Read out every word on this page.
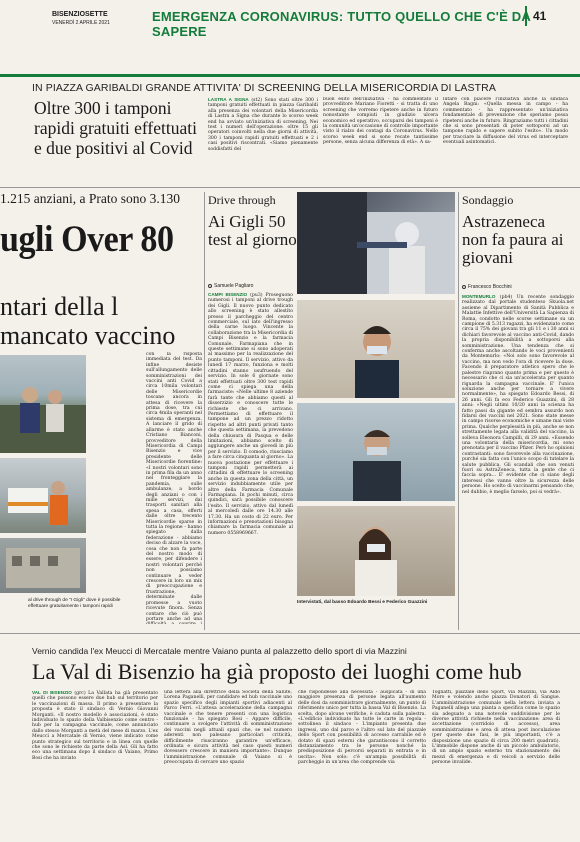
BISENZIOSETTE
VENERDÌ 2 APRILE 2021	EMERGENZA CORONAVIRUS: TUTTO QUELLO CHE C'È DA SAPERE
41
IN PIAZZA GARIBALDI GRANDE ATTIVITA' DI SCREENING DELLA MISERICORDIA DI LASTRA
Oltre 300 i tamponi rapidi gratuiti effettuati e due positivi al Covid
LASTRA A SIGNA (st2) Sono stati oltre 300 i tamponi gratuiti effettuati in piazza Garibaldi alla presenza dei volontari della Misericordia di Lastra a Signa che durante lo scorso week end ha avviato un'iniziativa di screening. Nei test i numeri dell'operazione: oltre 15 gli operatori coinvolti nella due giorni di attività, 300 i tamponi rapidi gratuiti effettuati e 2 i casi positivi riscontrati. «Siamo pienamente soddisfatti del
buon esito dell'iniziativa - ha commentato il provveditore Mariano Fioretti - si tratta di uno screening che vorremo ripetere anche in futuro nonostante compiuti in giudizio ulcera economico ed operativo, occuparsi dei tamponi è la comunità un'occasione di controllo importante visto il rialzo dei contagi da Coronavirus. Nello scorso week end si sono recate tantissime persone, senza alcuna differenza di età». A sa-
lutare con piacere l'iniziativa anche la sindaca Angela Bagni: «Quella messa in campo - ha commentato - ha rappresentato un'iniziativa fondamentale di prevenzione che speriamo possa ripetersi anche in futuro. Ringraziamo tutti i cittadini che si sono presentati di poter sottoporsi ad un tampone rapido e sapere subito l'esito». Un modo per tracciare la diffusione del virus ed interceptare eventuali asintomatici.
1.215 anziani, a Prato sono 3.130
ugli Over 80
ntari della l mancato vaccino
al drive through de "I Gigli" dove è possibile effettuare gratuitamente i tamponi rapidi
con la risposta immediata del test. Da infine desiste sull'allungamento delle somministrazioni dei vaccini anti Covid a circa 10mila volontari delle Misericordie toscane ancora in attesa di ricevere la prima dose, tra cui circa 4mila operanti nel sistema di emergenza. A lanciare il grido di allarme è stato anche Cristiano Bianconi, provveditore della Misericordia di Campi Bisenzio e vice presidente delle Misericordie fiorentine: «I nostri volontari sono in prima fila da un anno nel fronteggiare la pandemia, sulle ambulanze, a bordo degli anziani o con i mille servizi, dai trasporti sanitari alla spesa a casa, offerti dalle oltre trecento Misericordie sparse in tutta la regione - hanno spiegato dalla federazione - abbiamo deciso di alzare la voce, cosa che non fa parte del nostro modo di essere, per difendere i nostri volontari perché non possiamo continuare a veder crescere in loro un mix di preoccupazione e frustrazione, determinate dalle promesse a vuoto ricevute finora. Senza contare che ciò può portare anche ad una
Drive through
Ai Gigli 50 test al giorno
Samuele Pagliaro
CAMPI BISENZIO (pu3) Proseguono numerosi i tamponi al drive trough dei Gigli. Il nuovo punto dedicato allo screening è stato allestito presso il parcheggio del centro commerciale, sul lato dell'ingresso della carne luogo. Vincente la collaborazione tra la Misericordia di Campi Bisenzio e la farmacia Comunale. Farmapiana che in queste settimane si sono adoperati al massimo per la realizzazione del punto tamponi. Il servizio, attivo da lunedì 17 marzo, funziona e molti cittadini stanno usufruendo del servizio. In sole 6 giornate sono stati effettuati oltre 300 test rapidi come ci spiega una della farmaciste: «Nelle ultime 8 aziende farà tante che abbiamo questi al disserzizio e conoscere tutte le richieste che ci arrivano. Permettiamo di effettuare il tampone ad un prezzo ridotto rispetto ad altri punti privati tanto che questa settimana, la prevedono della chiusura di Pasqua e delle limitazioni, abbiamo scelto di aggiungere anche un giovedì in più per il servizio. Il comodo, riusciamo a fare circa cinquanta al giorno». La nuova postazione per effettuare i tamponi rapidi permetterà ai cittadini di effettuare lo screening anche in questa zona della città, un servizio indubbiamente utile per altre della Farmacia Comunale Farmapiana. In pochi minuti, circa quindici, sarà possibile conoscere l'esito. Il servizio, attivo dal lunedì al mercoledì dalle ore 14.30 alle 17.30. Ha un costo di 22 euro. Per informazioni e prenotazioni bisogna chiamare la farmacia comunale al numero 0558969667.
Intervistati, dal basso Edoardo Bessi e Federico Guazzini
Sondaggio
Astrazeneca non fa paura ai giovani
Francesco Bocchini
MONTEMURLO (pb4) Un recente sondaggio realizzato dal portale studenteso Skuola.net assieme al Dipartimento di Sanità Pubblica e Malattie Infettive dell'Università La Sapienza di Roma, condotto nelle scorse settimane su un campione di 5.313 ragazzi, ha evidenziato come circa il 75% dei giovani tra gli 11 e i 30 anni si dichiari favorevole al vaccino anti-Covid, dando la propria disponibilità a sottoporsi alla somministrazione. Una tendenza che si conferma anche ascoltando le voci provenienti da Montemurlo: «Noi solo sono favorevole al vaccino, ma non vedo l'ora di ricevere la dose. Facendo il preparatore atletico spero che le palestre riaprano quanto prima e per questo è necessario che ci sia un'accelerata per quanto riguarda la campagna vaccinale. E' l'unica soluzione anche per tornare a vivere normalmente», ha spiegato Edoardo Bessi, di 26 anni. Gli fa eco Federico Guazzini, di 28 anni: «Negli ultimi 10/20 anni la scienza ha fatto passi da gigante ed sembra assurdo non fidarsi dei vaccini nel 2021. Sono state messe in campo risorse economiche e umane mai viste prima. Qualche perplessità in più, anche se non strettamente legata alla validità del vaccino, la solleva Eleonora Campilli, di 29 anni. «Essendo una volontaria della misericordia, mi sono prenotata per il vaccino Pfizer. Però ho opinioni contrastanti: sono favorevole alla vaccinazione, purché sia fatta con l'unico scopo di tutelare la salute pubblica. Gli scandali che son venuti fuori su AstraZeneca, tutta la gente che ci faccia sopra... E' evidente che ci siano degli interessi che vanno oltre la sicurezza delle persone. Ho scelto di vaccinarmi pensando che, nel dubbio, è meglio farselo, poi si vedrà».
Vernio candida l'ex Meucci di Mercatale mentre Vaiano punta al palazzetto dello sport di via Mazzini
La Val di Bisenzio ha già proposto dei luoghi come hub
VAL DI BISENZIO (grc) La Vallata ha già presentato quelli che possono essere due hub sul territorio per le vaccinazioni di massa. Il primo a presentare la proposta è stato il sindaco di Vernio Giovanni Morganti. «Il nostro modello è associazioni, è stato individuato lo spazio della Valbisenzio come centro - hub per la campagna vaccinale, come annunciato dallo stesso Morganti a metà del mese di marzo. L'ex Meucci a Mercatale di Vernio, viene indicato come punto strategico sul territorio e in linea con quelle che sono le richieste da parte della Asl. Gli ha fatto eco una settimana dopo il sindaco di Vaiano, Primo Bosi che ha inviato
una lettera alla direttrice della Società della Salute, Lorena Paganelli, per candidare ed hub vaccinale uno spazio specifico degli impianti sportivi adiacenti al Parco Ferri. «L'attesa accelerazione della campagna vaccinale e che tenere presenti con una logistica funzionale - ha spiegato Bosi - Appare difficile, continuare a svolgere l'attività di somministrazione dei vaccini negli attuali spazi che, se nel numero aderenti non palesano particolari criticità, difficilmente riusciranno garantire un'efficace, ordinata e sicura attività nel caso questi numeri dovessero crescere in maniera importante». Dunque l'amministrazione comunale di Vaiano si è preoccupata di cercare uno spazio
che rispondesse alla necessità - auspicata - di una maggiore presenza di persone legata all'aumento delle dosi da somministrare giornalmente, un punto di riferimento unico per tutta la bassa Val di Bisenzio. La scelta, dopo alcune verifiche, è caduta sulla palestra. «L'edificio individuato ha tutte le carte in regola - sottolinea il sindaco - L'impianto presenta due ingressi, uno dal parco e l'altro sul lato del piazzale dello Sport con possibilità di accesso carrabile ed è dotato di spazi esterni che garantiscono il corretto distanziamento tra le persone nonché la predisposizione di percorsi separati in entrata e in uscita». Non solo: c'è un'ampia possibilità di parcheggio in un'area che comprende via
Togliatti, piazzale dello Sport, via Mazzini, via Aldo Moro e volendo anche piazza Donatori di Sangue. L'amministrazione comunale nella lettera inviata a Paganelli allega una pianta a specifica come lo spazio sia adeguato a una notevole suddivisione per le diverse attività richieste nella vaccinazione: area di accettazione (corridoio di accesso), area somministrazione e area di attesa post inoculazione (per queste due fasi, le più importanti, c'è a disposizione uno spazio di circa 200 metri quadrati). L'immobile dispone anche di un piccolo ambulatorio, di un ampio spazio esterno tra stazionamento dei mezzi di emergenza e di veicoli a servizio delle persone invalide.
